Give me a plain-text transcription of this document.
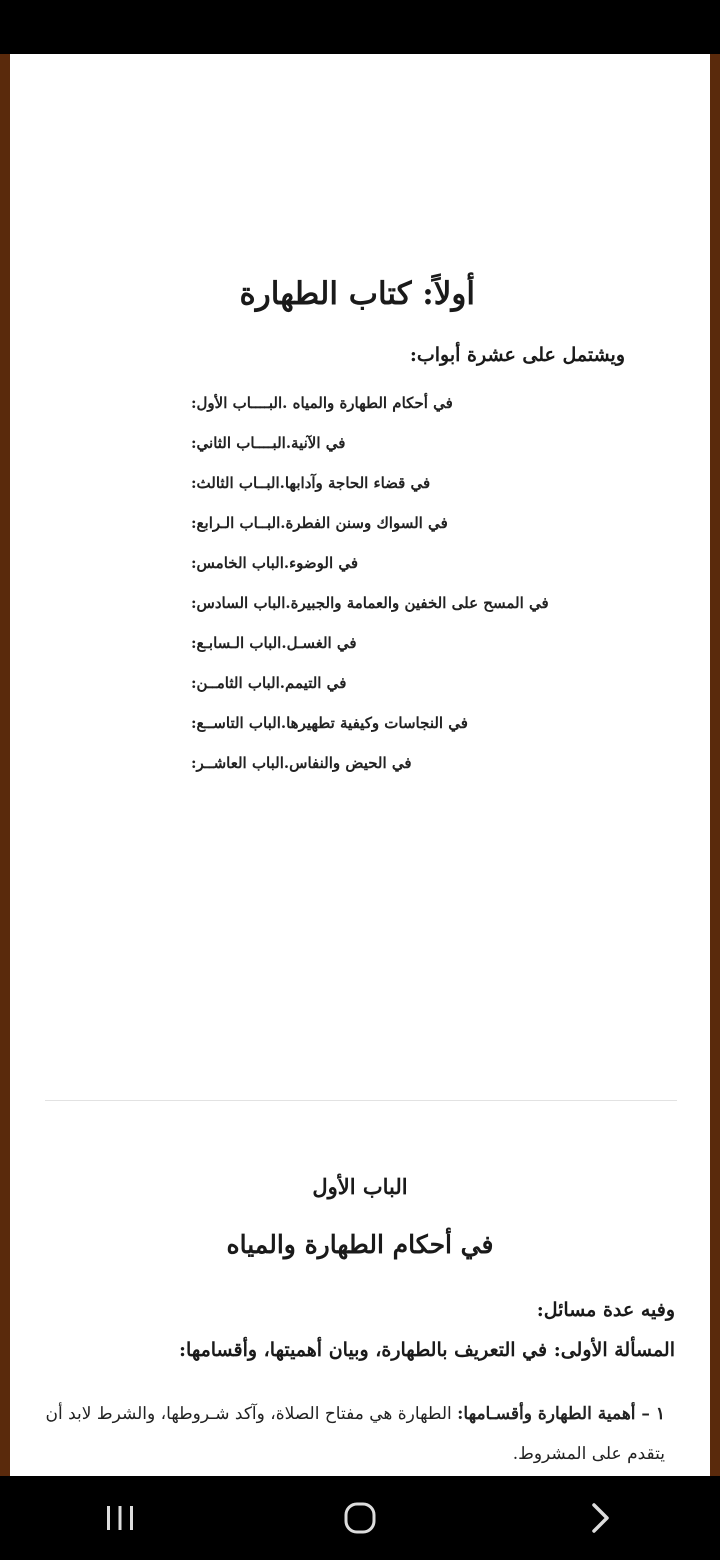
أولاً: كتاب الطهارة
ويشتمل على عشرة أبواب:
البــــاب الأول: في أحكام الطهارة والمياه .
البــــاب الثاني: في الآنية.
البــاب الثالث: في قضاء الحاجة وآدابها.
البــاب الـرابع: في السواك وسنن الفطرة.
الباب الخامس: في الوضوء.
الباب السادس: في المسح على الخفين والعمامة والجبيرة.
الباب الـسابـع: في الغسـل.
الباب الثامــن: في التيمم.
الباب التاســع: في النجاسات وكيفية تطهيرها.
الباب العاشــر: في الحيض والنفاس.
الباب الأول
في أحكام الطهارة والمياه
وفيه عدة مسائل:
المسألة الأولى: في التعريف بالطهارة، وبيان أهميتها، وأقسامها:
١ – أهمية الطهارة وأقسـامها: الطهارة هي مفتاح الصلاة، وآكد شـروطها، والشرط لابد أن يتقدم على المشروط.
